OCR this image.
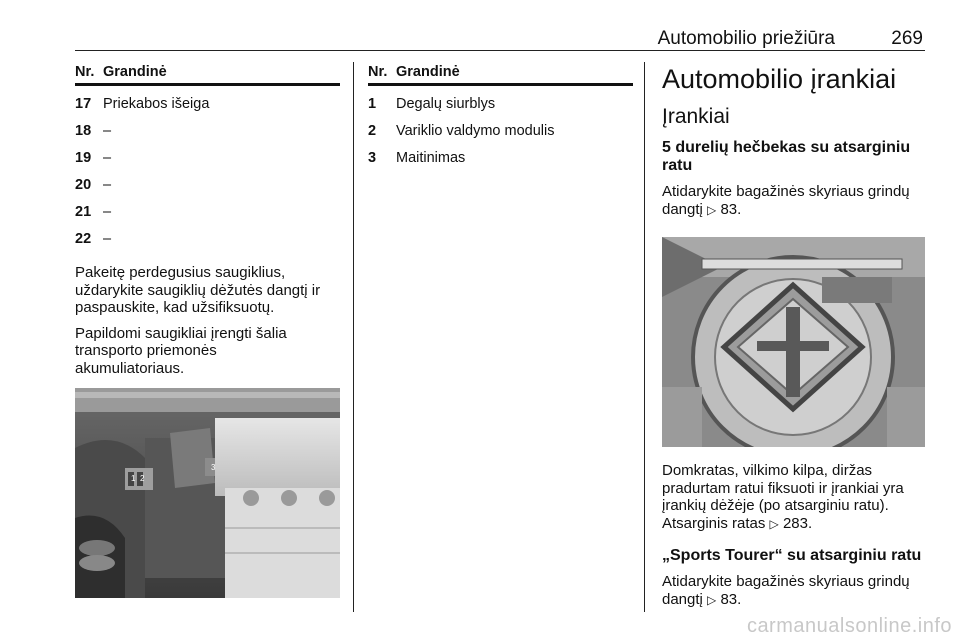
Automobilio priežiūra	269
Nr. Grandinė
17 Priekabos išeiga
18 –
19 –
20 –
21 –
22 –

Pakeitę perdegusius saugiklius, uždarykite saugiklių dėžutės dangtį ir paspauskite, kad užsifiksuotų.

Papildomi saugikliai įrengti šalia transporto priemonės akumuliatoriaus.

1 2
3
Nr. Grandinė
1	Degalų siurblys
2	Variklio valdymo modulis
3	Maitinimas
Automobilio įrankiai
Įrankiai
5 durelių hečbekas su atsarginiu ratu

Atidarykite bagažinės skyriaus grindų dangtį ▷ 83.

Domkratas, vilkimo kilpa, diržas
pradurtam ratui fiksuoti ir įrankiai yra
įrankių dėžėje (po atsarginiu ratu).
Atsarginis ratas ▷ 283.

„Sports Tourer“ su atsarginiu ratu

Atidarykite bagažinės skyriaus grindų dangtį ▷ 83.

carmanualsonline.info
